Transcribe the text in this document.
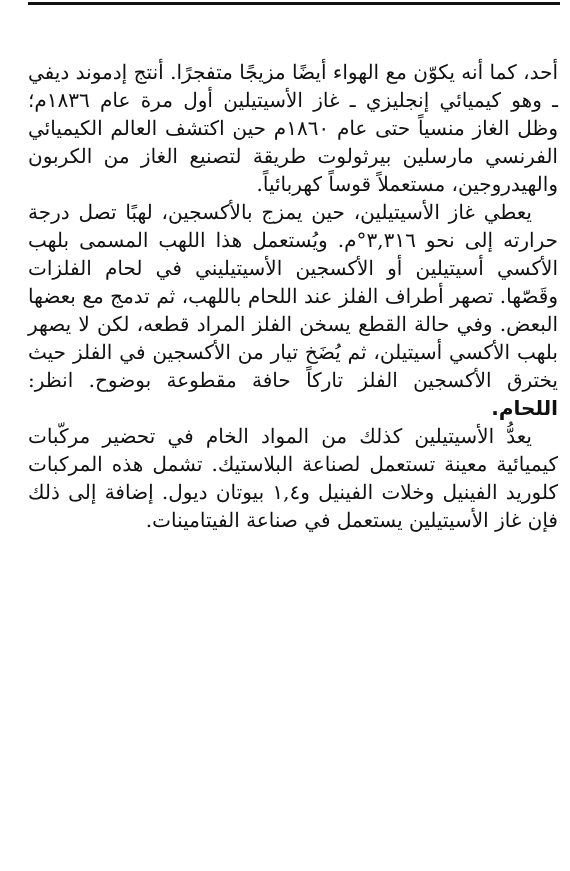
أحد، كما أنه يكوّن مع الهواء أيضًا مزيجًا متفجرًا. أنتج إدموند ديفي ـ وهو كيميائي إنجليزي ـ غاز الأسيتيلين أول مرة عام ١٨٣٦م؛ وظل الغاز منسياً حتى عام ١٨٦٠م حين اكتشف العالم الكيميائي الفرنسي مارسلين بيرثولوت طريقة لتصنيع الغاز من الكربون والهيدروجين، مستعملاً قوساً كهربائياً.

يعطي غاز الأسيتيلين، حين يمزج بالأكسجين، لهبًا تصل درجة حرارته إلى نحو ٣,٣١٦°م. ويُستعمل هذا اللهب المسمى بلهب الأكسي أسيتيلين أو الأكسجين الأسيتيليني في لحام الفلزات وقَصّها. تصهر أطراف الفلز عند اللحام باللهب، ثم تدمج مع بعضها البعض. وفي حالة القطع يسخن الفلز المراد قطعه، لكن لا يصهر بلهب الأكسي أسيتيلن، ثم يُضَخ تيار من الأكسجين في الفلز حيث يخترق الأكسجين الفلز تاركاً حافة مقطوعة بوضوح. انظر: اللحام.

يعدُّ الأسيتيلين كذلك من المواد الخام في تحضير مركّبات كيميائية معينة تستعمل لصناعة البلاستيك. تشمل هذه المركبات كلوريد الفينيل وخلات الفينيل و١,٤ بيوتان ديول. إضافة إلى ذلك فإن غاز الأسيتيلين يستعمل في صناعة الفيتامينات.
